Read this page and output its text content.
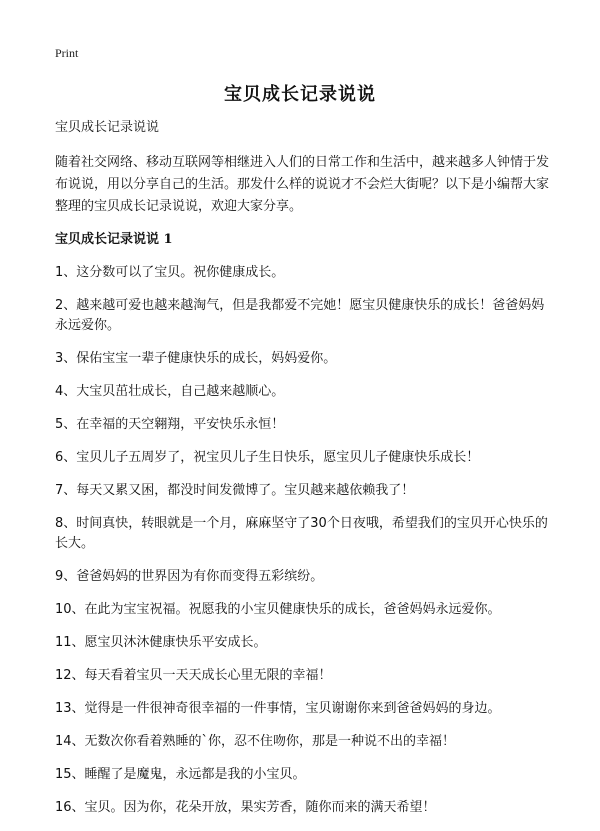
Print
宝贝成长记录说说

宝贝成长记录说说

随着社交网络、移动互联网等相继进入人们的日常工作和生活中，越来越多人钟情于发布说说，用以分享自己的生活。那发什么样的说说才不会烂大街呢？以下是小编帮大家整理的宝贝成长记录说说，欢迎大家分享。

宝贝成长记录说说 1

1、这分数可以了宝贝。祝你健康成长。

2、越来越可爱也越来越淘气，但是我都爱不完她！愿宝贝健康快乐的成长！爸爸妈妈永远爱你。

3、保佑宝宝一辈子健康快乐的成长，妈妈爱你。

4、大宝贝茁壮成长，自己越来越顺心。

5、在幸福的天空翱翔，平安快乐永恒！

6、宝贝儿子五周岁了，祝宝贝儿子生日快乐，愿宝贝儿子健康快乐成长！

7、每天又累又困，都没时间发微博了。宝贝越来越依赖我了！

8、时间真快，转眼就是一个月，麻麻坚守了30个日夜哦，希望我们的宝贝开心快乐的长大。

9、爸爸妈妈的世界因为有你而变得五彩缤纷。

10、在此为宝宝祝福。祝愿我的小宝贝健康快乐的成长，爸爸妈妈永远爱你。

11、愿宝贝沐沐健康快乐平安成长。

12、每天看着宝贝一天天成长心里无限的幸福！

13、觉得是一件很神奇很幸福的一件事情，宝贝谢谢你来到爸爸妈妈的身边。

14、无数次你看着熟睡的`你，忍不住吻你，那是一种说不出的幸福！

15、睡醒了是魔鬼，永远都是我的小宝贝。

16、宝贝。因为你，花朵开放，果实芳香，随你而来的满天希望！
